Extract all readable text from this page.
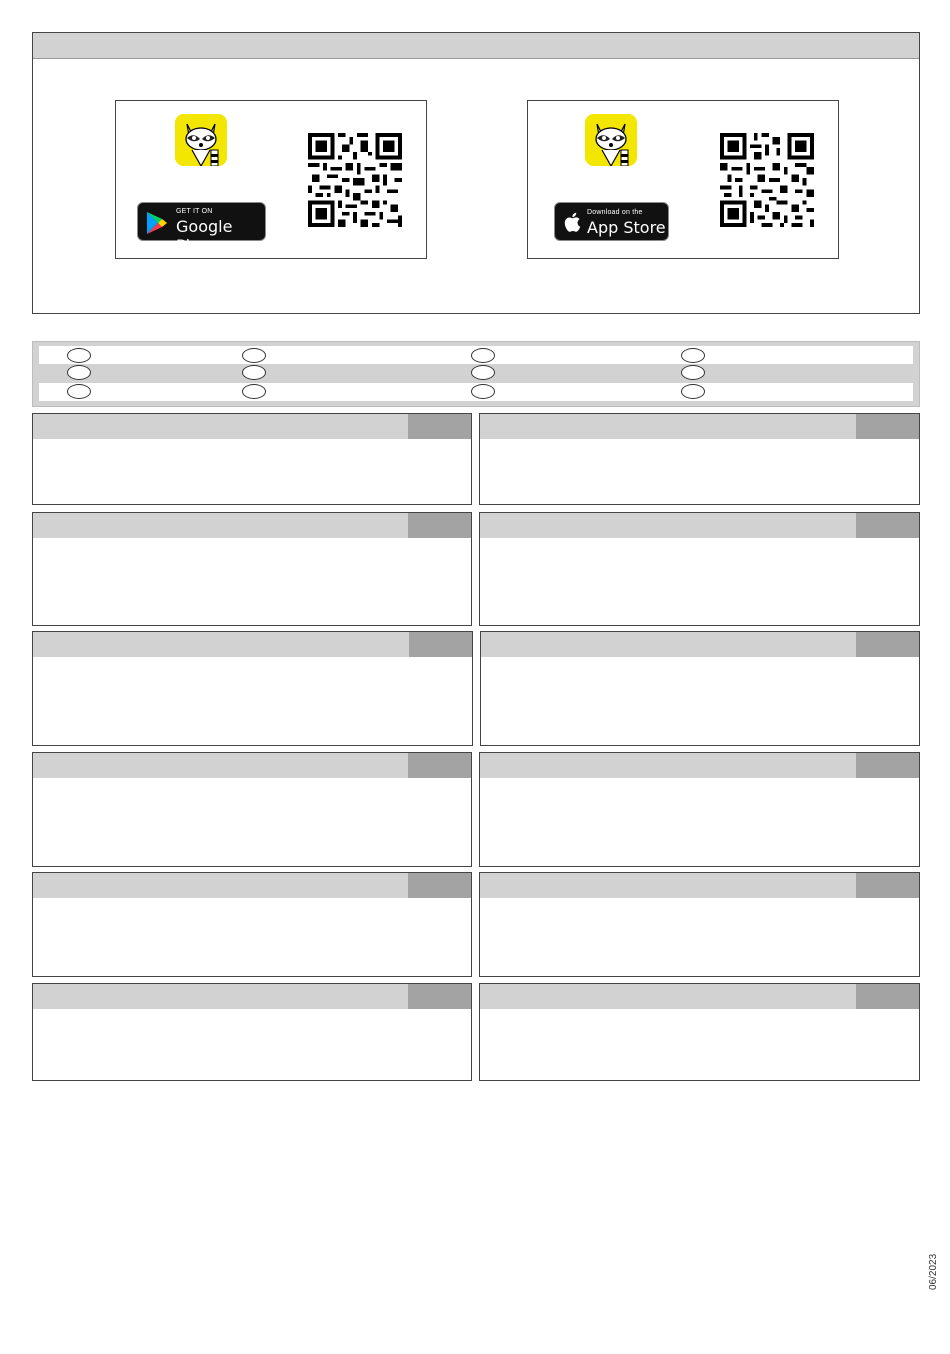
GET IT ON
Google Play
Download on the
App Store
06/2023
